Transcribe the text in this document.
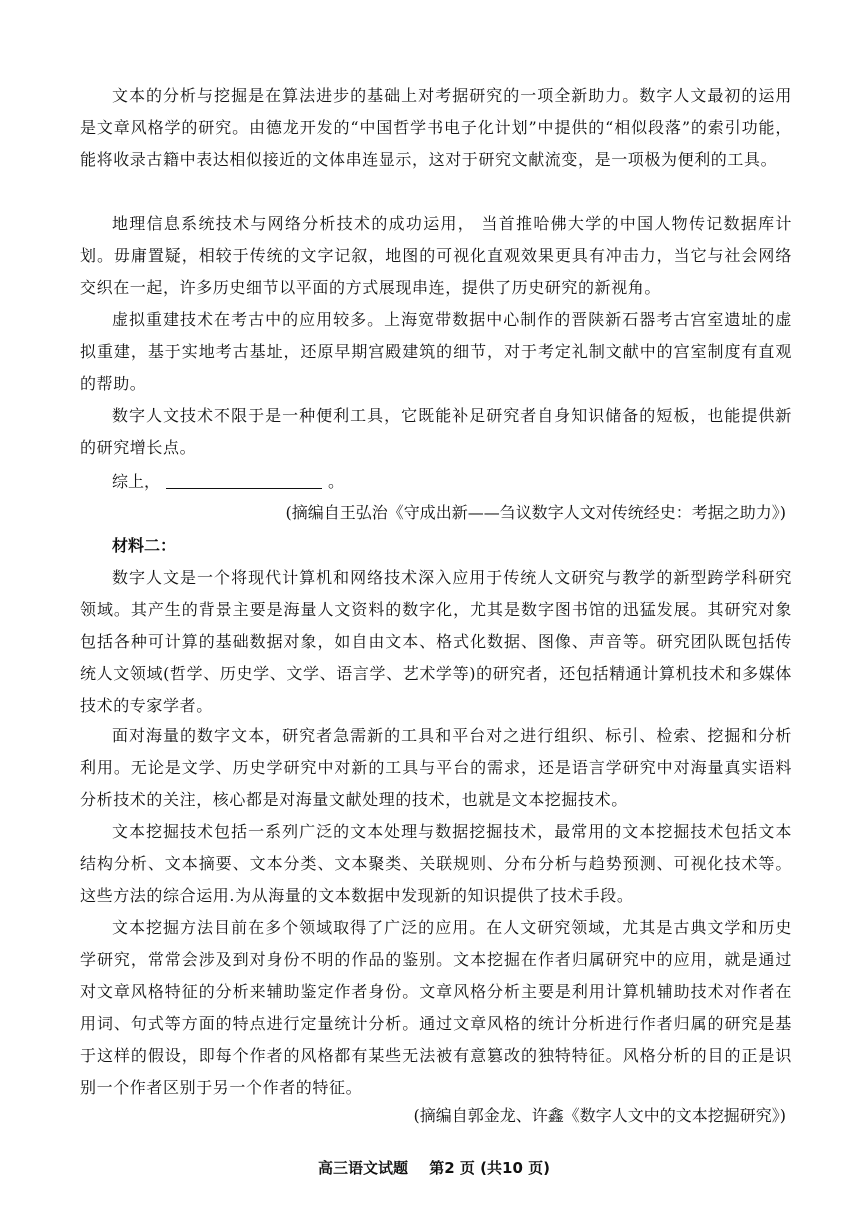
文本的分析与挖掘是在算法进步的基础上对考据研究的一项全新助力。数字人文最初的运用是文章风格学的研究。由德龙开发的“中国哲学书电子化计划”中提供的“相似段落”的索引功能，能将收录古籍中表达相似接近的文体串连显示，这对于研究文献流变，是一项极为便利的工具。

地理信息系统技术与网络分析技术的成功运用， 当首推哈佛大学的中国人物传记数据库计划。毋庸置疑，相较于传统的文字记叙，地图的可视化直观效果更具有冲击力，当它与社会网络交织在一起，许多历史细节以平面的方式展现串连，提供了历史研究的新视角。

虚拟重建技术在考古中的应用较多。上海宽带数据中心制作的晋陕新石器考古宫室遗址的虚拟重建，基于实地考古基址，还原早期宫殿建筑的细节，对于考定礼制文献中的宫室制度有直观的帮助。

数字人文技术不限于是一种便利工具，它既能补足研究者自身知识储备的短板，也能提供新的研究增长点。

综上，	。
(摘编自王弘治《守成出新——刍议数字人文对传统经史：考据之助力》)
材料二：

数字人文是一个将现代计算机和网络技术深入应用于传统人文研究与教学的新型跨学科研究领域。其产生的背景主要是海量人文资料的数字化，尤其是数字图书馆的迅猛发展。其研究对象包括各种可计算的基础数据对象，如自由文本、格式化数据、图像、声音等。研究团队既包括传统人文领域(哲学、历史学、文学、语言学、艺术学等)的研究者，还包括精通计算机技术和多媒体技术的专家学者。

面对海量的数字文本，研究者急需新的工具和平台对之进行组织、标引、检索、挖掘和分析利用。无论是文学、历史学研究中对新的工具与平台的需求，还是语言学研究中对海量真实语料分析技术的关注，核心都是对海量文献处理的技术，也就是文本挖掘技术。

文本挖掘技术包括一系列广泛的文本处理与数据挖掘技术，最常用的文本挖掘技术包括文本结构分析、文本摘要、文本分类、文本聚类、关联规则、分布分析与趋势预测、可视化技术等。这些方法的综合运用.为从海量的文本数据中发现新的知识提供了技术手段。

文本挖掘方法目前在多个领域取得了广泛的应用。在人文研究领域，尤其是古典文学和历史学研究，常常会涉及到对身份不明的作品的鉴别。文本挖掘在作者归属研究中的应用，就是通过对文章风格特征的分析来辅助鉴定作者身份。文章风格分析主要是利用计算机辅助技术对作者在用词、句式等方面的特点进行定量统计分析。通过文章风格的统计分析进行作者归属的研究是基于这样的假设，即每个作者的风格都有某些无法被有意篡改的独特特征。风格分析的目的正是识别一个作者区别于另一个作者的特征。

(摘编自郭金龙、许鑫《数字人文中的文本挖掘研究》)
高三语文试题 第2 页 (共10 页)
